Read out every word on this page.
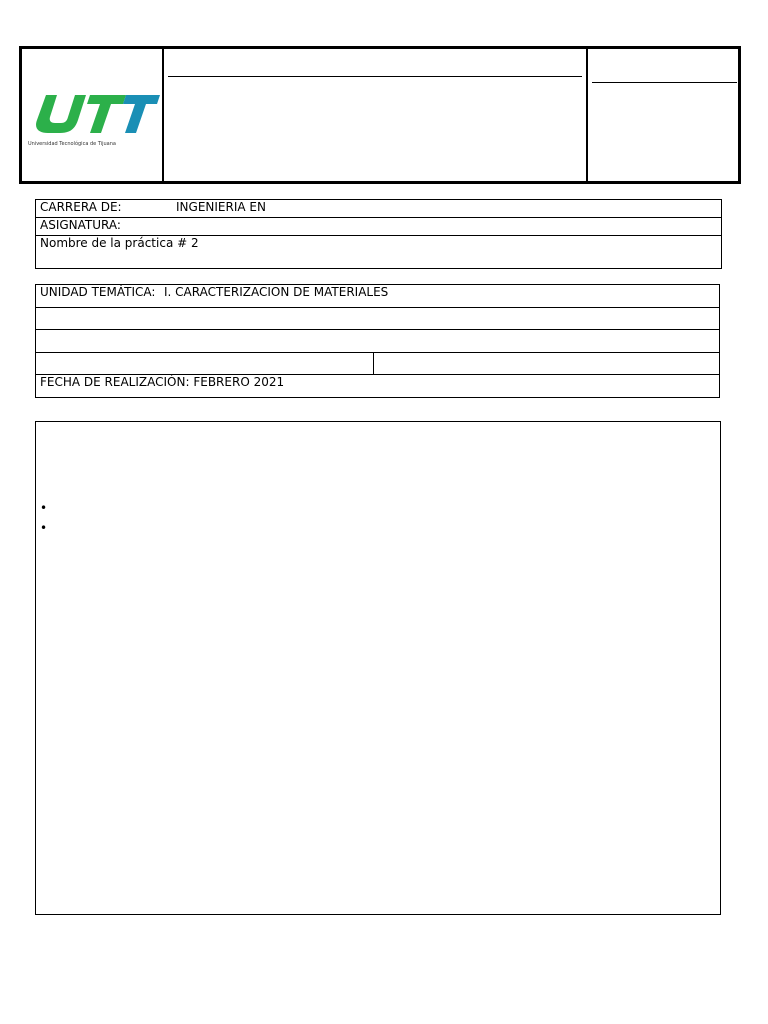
Universidad Tecnológica de Tijuana
CARRERA DE:	INGENIERIA EN
ASIGNATURA:
Nombre de la práctica # 2
UNIDAD TEMÁTICA: I. CARACTERIZACION DE MATERIALES

FECHA DE REALIZACIÓN: FEBRERO 2021
•
•
